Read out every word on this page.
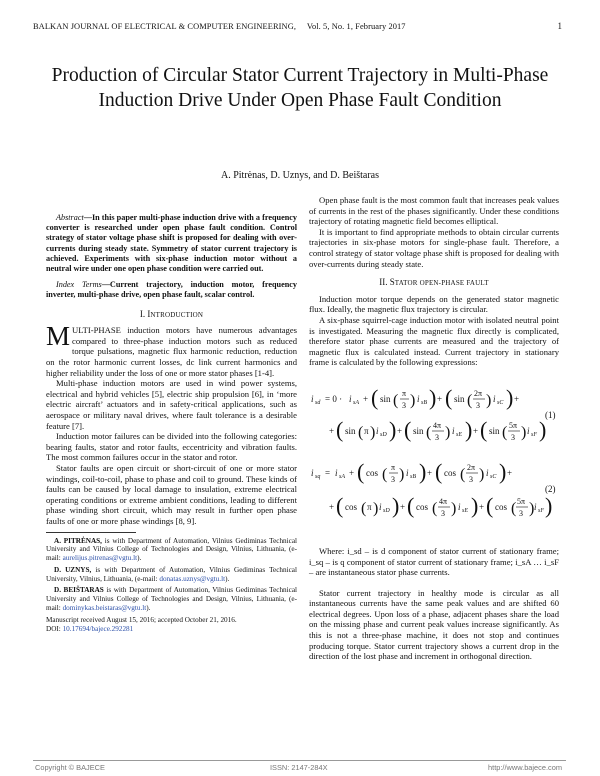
BALKAN JOURNAL OF ELECTRICAL & COMPUTER ENGINEERING, Vol. 5, No. 1, February 2017	1
Production of Circular Stator Current Trajectory in Multi-Phase Induction Drive Under Open Phase Fault Condition
A. Pitrėnas, D. Uznys, and D. Beištaras

Abstract—In this paper multi-phase induction drive with a frequency converter is researched under open phase fault condition. Control strategy of stator voltage phase shift is proposed for dealing with over-currents during steady state. Symmetry of stator current trajectory is achieved. Experiments with six-phase induction motor without a neutral wire under one open phase condition were carried out.

Index Terms—Current trajectory, induction motor, frequency inverter, multi-phase drive, open phase fault, scalar control.

I. INTRODUCTION

MULTI-PHASE induction motors have numerous advantages compared to three-phase induction motors such as reduced torque pulsations, magnetic flux harmonic reduction, reduction on the rotor harmonic current losses, dc link current harmonics and higher reliability under the loss of one or more stator phases [1-4].

Multi-phase induction motors are used in wind power systems, electrical and hybrid vehicles [5], electric ship propulsion [6], in ‘more electric aircraft’ actuators and in safety-critical applications, such as aerospace or military naval drives, where fault tolerance is a desirable feature [7].

Induction motor failures can be divided into the following categories: bearing faults, stator and rotor faults, eccentricity and vibration faults. The most common failures occur in the stator and rotor.

Stator faults are open circuit or short-circuit of one or more stator windings, coil-to-coil, phase to phase and coil to ground. These kinds of faults can be caused by local damage to insulation, extreme electrical operating conditions or extreme ambient conditions, leading to different phase winding short circuit, which may result in further open phase faults of one or more phase windings [8, 9].

A. PITRĖNAS, is with Department of Automation, Vilnius Gediminas Technical University and Vilnius College of Technologies and Design, Vilnius, Lithuania, (e-mail: aurelijus.pitrenas@vgtu.lt).

D. UZNYS, is with Department of Automation, Vilnius Gediminas Technical University, Vilnius, Lithuania, (e-mail: donatas.uznys@vgtu.lt).

D. BEIŠTARAS is with Department of Automation, Vilnius Gediminas Technical University and Vilnius College of Technologies and Design, Vilnius, Lithuania, (e-mail: dominykas.beistaras@vgtu.lt).

Manuscript received August 15, 2016; accepted October 21, 2016.

DOI: 10.17694/bajece.292281

Open phase fault is the most common fault that increases peak values of currents in the rest of the phases significantly. Under these conditions trajectory of rotating magnetic field becomes elliptical.

It is important to find appropriate methods to obtain circular currents trajectories in six-phase motors for single-phase fault. Therefore, a control strategy of stator voltage phase shift is proposed for dealing with over-currents during steady state.

II. STATOR OPEN-PHASE FAULT

Induction motor torque depends on the generated stator magnetic flux. Ideally, the magnetic flux trajectory is circular.

A six-phase squirrel-cage induction motor with isolated neutral point is investigated. Measuring the magnetic flux directly is complicated, therefore stator phase currents are measured and the trajectory of magnetic flux is calculated instead. Current trajectory in stationary frame is calculated by the following expressions:

i sd = 0 · i sA + ( sin ( π
3 ) i sB ) + ( sin ( 2π
3 ) i sC ) +
+ ( sin ( π ) i sD ) + ( sin ( 4π
3 ) i sE ) + ( sin ( 5π
3 ) i sF )
(1)
i sq = i sA + ( cos ( π
3 ) i sB ) + ( cos ( 2π
3 ) i sC ) +
+ ( cos ( π ) i sD ) + ( cos ( 4π
3 ) i sE ) + ( cos ( 5π
3 ) i sF )
(2)

Where: i_sd – is d component of stator current of stationary frame; i_sq – is q component of stator current of stationary frame; i_sA … i_sF – are instantaneous stator phase currents.

Stator current trajectory in healthy mode is circular as all instantaneous currents have the same peak values and are shifted 60 electrical degrees. Upon loss of a phase, adjacent phases share the load on the missing phase and current peak values increase significantly. As this is not a three-phase machine, it does not stop and continues producing torque. Stator current trajectory shows a current drop in the direction of the lost phase and increment in orthogonal direction.

Copyright © BAJECE	ISSN: 2147-284X	http://www.bajece.com
